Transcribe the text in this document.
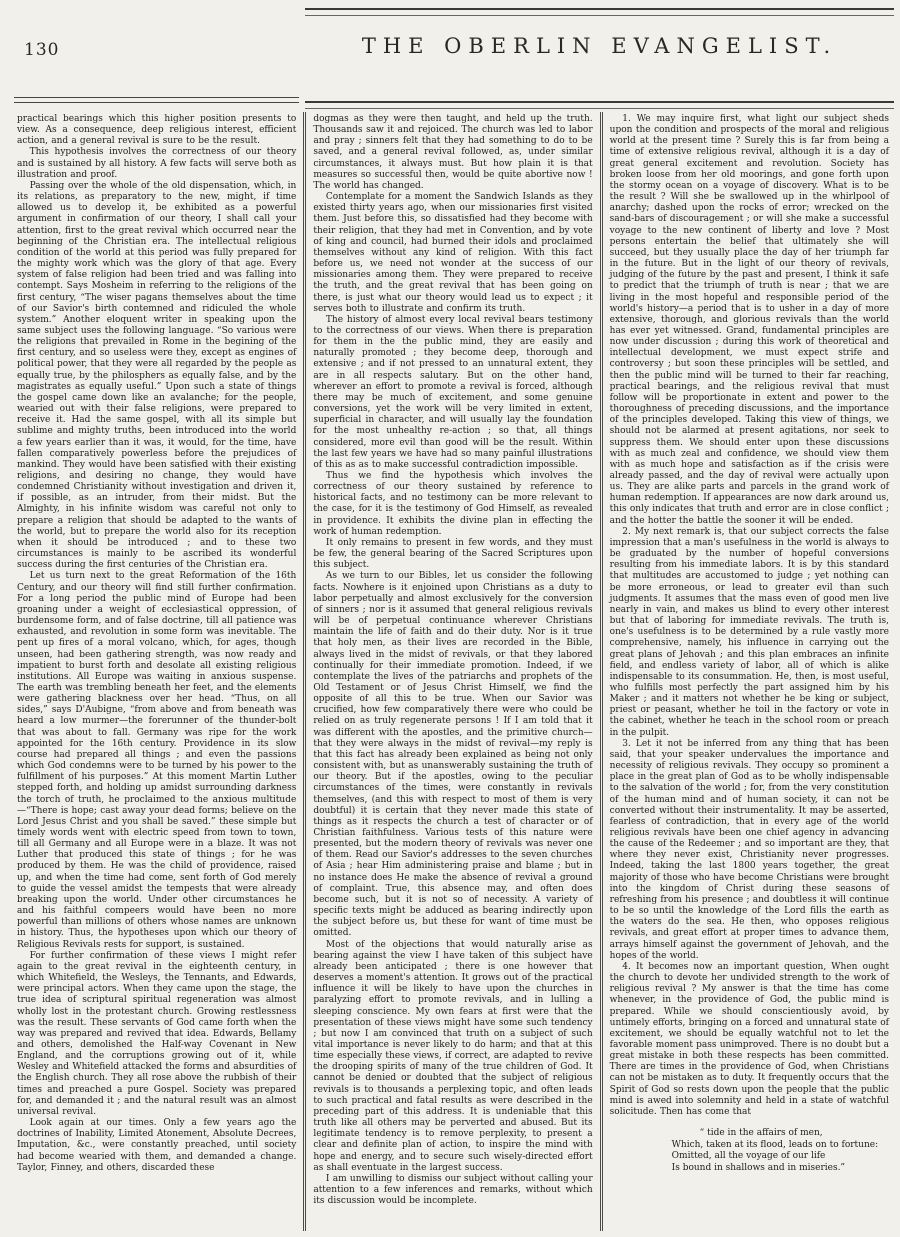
130	THE OBERLIN EVANGELIST.

practical bearings which this higher position presents to view. As a consequence, deep religious interest, efficient action, and a general revival is sure to be the result.

This hypothesis involves the correctness of our theory and is sustained by all history. A few facts will serve both as illustration and proof.

Passing over the whole of the old dispensation, which, in its relations, as preparatory to the new, might, if time allowed us to develop it, be exhibited as a powerful argument in confirmation of our theory, I shall call your attention, first to the great revival which occurred near the beginning of the Christian era. The intellectual religious condition of the world at this period was fully prepared for the mighty work which was the glory of that age. Every system of false religion had been tried and was falling into contempt. Says Mosheim in referring to the religions of the first century, “The wiser pagans themselves about the time of our Savior's birth contemned and ridiculed the whole system.” Another eloquent writer in speaking upon the same subject uses the following language. “So various were the religions that prevailed in Rome in the begining of the first century, and so useless were they, except as engines of political power, that they were all regarded by the people as equally true, by the philosphers as equally false, and by the magistrates as equally useful.” Upon such a state of things the gospel came down like an avalanche; for the people, wearied out with their false religions, were prepared to receive it. Had the same gospel, with all its simple but sublime and mighty truths, been introduced into the world a few years earlier than it was, it would, for the time, have fallen comparatively powerless before the prejudices of mankind. They would have been satisfied with their existing religions, and desiring no change, they would have condemned Christianity without investigation and driven it, if possible, as an intruder, from their midst. But the Almighty, in his infinite wisdom was careful not only to prepare a religion that should be adapted to the wants of the world, but to prepare the world also for its reception when it should be introduced ; and to these two circumstances is mainly to be ascribed its wonderful success during the first centuries of the Christian era.

Let us turn next to the great Reformation of the 16th Century, and our theory will find still further confirmation. For a long period the public mind of Europe had been groaning under a weight of ecclesiastical oppression, of burdensome form, and of false doctrine, till all patience was exhausted, and revolution in some form was inevitable. The pent up fires of a moral volcano, which, for ages, though unseen, had been gathering strength, was now ready and impatient to burst forth and desolate all existing religious institutions. All Europe was waiting in anxious suspense. The earth was trembling beneath her feet, and the elements were gathering blackness over her head. “Thus, on all sides,” says D'Aubigne, “from above and from beneath was heard a low murmer—the forerunner of the thunder-bolt that was about to fall. Germany was ripe for the work appointed for the 16th century. Providence in its slow course had prepared all things ; and even the passions which God condemns were to be turned by his power to the fulfillment of his purposes.” At this moment Martin Luther stepped forth, and holding up amidst surrounding darkness the torch of truth, he proclaimed to the anxious multitude—“There is hope; cast away your dead forms; believe on the Lord Jesus Christ and you shall be saved.” these simple but timely words went with electric speed from town to town, till all Germany and all Europe were in a blaze. It was not Luther that produced this state of things ; for he was produced by them. He was the child of providence, raised up, and when the time had come, sent forth of God merely to guide the vessel amidst the tempests that were already breaking upon the world. Under other circumstances he and his faithful compeers would have been no more powerful than millions of others whose names are unknown in history. Thus, the hypotheses upon which our theory of Religious Revivals rests for support, is sustained.

For further confirmation of these views I might refer again to the great revival in the eighteenth century, in which Whitefield, the Wesleys, the Tennants, and Edwards, were principal actors. When they came upon the stage, the true idea of scriptural spiritual regeneration was almost wholly lost in the protestant church. Growing restlessness was the result. These servants of God came forth when the way was prepared and revived that idea. Edwards, Bellamy and others, demolished the Half-way Covenant in New England, and the corruptions growing out of it, while Wesley and Whitefield attacked the forms and absurdities of the English church. They all rose above the rubbish of their times and preached a pure Gospel. Society was prepared for, and demanded it ; and the natural result was an almost universal revival.

Look again at our times. Only a few years ago the doctrines of Inability, Limited Atonement, Absolute Decrees, Imputation, &c., were constantly preached, until society had become wearied with them, and demanded a change. Taylor, Finney, and others, discarded these

dogmas as they were then taught, and held up the truth. Thousands saw it and rejoiced. The church was led to labor and pray ; sinners felt that they had something to do to be saved, and a general revival followed, as, under similar circumstances, it always must. But how plain it is that measures so successful then, would be quite abortive now ! The world has changed.

Contemplate for a moment the Sandwich Islands as they existed thirty years ago, when our missionaries first visited them. Just before this, so dissatisfied had they become with their religion, that they had met in Convention, and by vote of king and council, had burned their idols and proclaimed themselves without any kind of religion. With this fact before us, we need not wonder at the success of our missionaries among them. They were prepared to receive the truth, and the great revival that has been going on there, is just what our theory would lead us to expect ; it serves both to illustrate and confirm its truth.

The history of almost every local revival bears testimony to the correctness of our views. When there is preparation for them in the the public mind, they are easily and naturally promoted ; they become deep, thorough and extensive ; and if not pressed to an unnatural extent, they are in all respects salutary. But on the other hand, wherever an effort to promote a revival is forced, although there may be much of excitement, and some genuine conversions, yet the work will be very limited in extent, superficial in character, and will usually lay the foundation for the most unhealthy re-action ; so that, all things considered, more evil than good will be the result. Within the last few years we have had so many painful illustrations of this as as to make successful contradiction impossible.

Thus we find the hypothesis which involves the correctness of our theory sustained by reference to historical facts, and no testimony can be more relevant to the case, for it is the testimony of God Himself, as revealed in providence. It exhibits the divine plan in effecting the work of human redemption.

It only remains to present in few words, and they must be few, the general bearing of the Sacred Scriptures upon this subject.

As we turn to our Bibles, let us consider the following facts. Nowhere is it enjoined upon Christians as a duty to labor perpetually and almost exclusively for the conversion of sinners ; nor is it assumed that general religious revivals will be of perpetual continuance wherever Christians maintain the life of faith and do their duty. Nor is it true that holy men, as their lives are recorded in the Bible, always lived in the midst of revivals, or that they labored continually for their immediate promotion. Indeed, if we contemplate the lives of the patriarchs and prophets of the Old Testament or of Jesus Christ Himself, we find the opposite of all this to be true. When our Savior was crucified, how few comparatively there were who could be relied on as truly regenerate persons ! If I am told that it was different with the apostles, and the primitive church—that they were always in the midst of revival—my reply is that this fact has already been explained as being not only consistent with, but as unanswerably sustaining the truth of our theory. But if the apostles, owing to the peculiar circumstances of the times, were constantly in revivals themselves, (and this with respect to most of them is very doubtful) it is certain that they never made this state of things as it respects the church a test of character or of Christian faithfulness. Various tests of this nature were presented, but the modern theory of revivals was never one of them. Read our Savior's addresses to the seven churches of Asia ; hear Him administering praise and blame ; but in no instance does He make the absence of revival a ground of complaint. True, this absence may, and often does become such, but it is not so of necessity. A variety of specific texts might be adduced as bearing indirectly upon the subject before us, but these for want of time must be omitted.

Most of the objections that would naturally arise as bearing against the view I have taken of this subject have already been anticipated ; there is one however that deserves a moment's attention. It grows out of the practical influence it will be likely to have upon the churches in paralyzing effort to promote revivals, and in lulling a sleeping conscience. My own fears at first were that the presentation of these views might have some such tendency ; but now I am convinced that truth on a subject of such vital importance is never likely to do harm; and that at this time especially these views, if correct, are adapted to revive the drooping spirits of many of the true children of God. It cannot be denied or doubted that the subject of religious revivals is to thousands a perplexing topic, and often leads to such practical and fatal results as were described in the preceding part of this address. It is undeniable that this truth like all others may be perverted and abused. But its legitimate tendency is to remove perplexity, to present a clear and definite plan of action, to inspire the mind with hope and energy, and to secure such wisely-directed effort as shall eventuate in the largest success.

I am unwilling to dismiss our subject without calling your attention to a few inferences and remarks, without which its discussion would be incomplete.

1. We may inquire first, what light our subject sheds upon the condition and prospects of the moral and religious world at the present time ? Surely this is far from being a time of extensive religious revival, although it is a day of great general excitement and revolution. Society has broken loose from her old moorings, and gone forth upon the stormy ocean on a voyage of discovery. What is to be the result ? Will she be swallowed up in the whirlpool of anarchy; dashed upon the rocks of error; wrecked on the sand-bars of discouragement ; or will she make a successful voyage to the new continent of liberty and love ? Most persons entertain the belief that ultimately she will succeed, but they usually place the day of her triumph far in the future. But in the light of our theory of revivals, judging of the future by the past and present, I think it safe to predict that the triumph of truth is near ; that we are living in the most hopeful and responsible period of the world's history—a period that is to usher in a day of more extensive, thorough, and glorious revivals than the world has ever yet witnessed. Grand, fundamental principles are now under discussion ; during this work of theoretical and intellectual development, we must expect strife and controversy ; but soon these principles will be settled, and then the public mind will be turned to their far reaching, practical bearings, and the religious revival that must follow will be proportionate in extent and power to the thoroughness of preceding discussions, and the importance of the principles developed. Taking this view of things, we should not be alarmed at present agitations, nor seek to suppress them. We should enter upon these discussions with as much zeal and confidence, we should view them with as much hope and satisfaction as if the crisis were already passed, and the day of revival were actually upon us. They are alike parts and parcels in the grand work of human redemption. If appearances are now dark around us, this only indicates that truth and error are in close conflict ; and the hotter the battle the sooner it will be ended.

2. My next remark is, that our subject corrects the false impression that a man's usefulness in the world is always to be graduated by the number of hopeful conversions resulting from his immediate labors. It is by this standard that multitudes are accustomed to judge ; yet nothing can be more erroneous, or lead to greater evil than such judgments. It assumes that the mass even of good men live nearly in vain, and makes us blind to every other interest but that of laboring for immediate revivals. The truth is, one's usefulness is to be determined by a rule vastly more comprehensive, namely, his influence in carrying out the great plans of Jehovah ; and this plan embraces an infinite field, and endless variety of labor, all of which is alike indispensable to its consummation. He, then, is most useful, who fulfills most perfectly the part assigned him by his Maker ; and it matters not whether he be king or subject, priest or peasant, whether he toil in the factory or vote in the cabinet, whether he teach in the school room or preach in the pulpit.

3. Let it not be inferred from any thing that has been said, that your speaker undervalues the importance and necessity of religious revivals. They occupy so prominent a place in the great plan of God as to be wholly indispensable to the salvation of the world ; for, from the very constitution of the human mind and of human society, it can not be converted without their instrumentality. It may be asserted, fearless of contradiction, that in every age of the world religious revivals have been one chief agency in advancing the cause of the Redeemer ; and so important are they, that where they never exist, Christianity never progresses. Indeed, taking the last 1800 years together, the great majority of those who have become Christians were brought into the kingdom of Christ during these seasons of refreshing from his presence ; and doubtless it will continue to be so until the knowledge of the Lord fills the earth as the waters do the sea. He then, who opposes religious revivals, and great effort at proper times to advance them, arrays himself against the government of Jehovah, and the hopes of the world.

4. It becomes now an important question, When ought the church to devote her undivided strength to the work of religious revival ? My answer is that the time has come whenever, in the providence of God, the public mind is prepared. While we should conscientiously avoid, by untimely efforts, bringing on a forced and unnatural state of excitement, we should be equally watchful not to let the favorable moment pass unimproved. There is no doubt but a great mistake in both these respects has been committed. There are times in the providence of God, when Christians can not be mistaken as to duty. It frequently occurs that the Spirit of God so rests down upon the people that the public mind is awed into solemnity and held in a state of watchful solicitude. Then has come that

“ tide in the affairs of men,
Which, taken at its flood, leads on to fortune:
Omitted, all the voyage of our life
Is bound in shallows and in miseries.”
